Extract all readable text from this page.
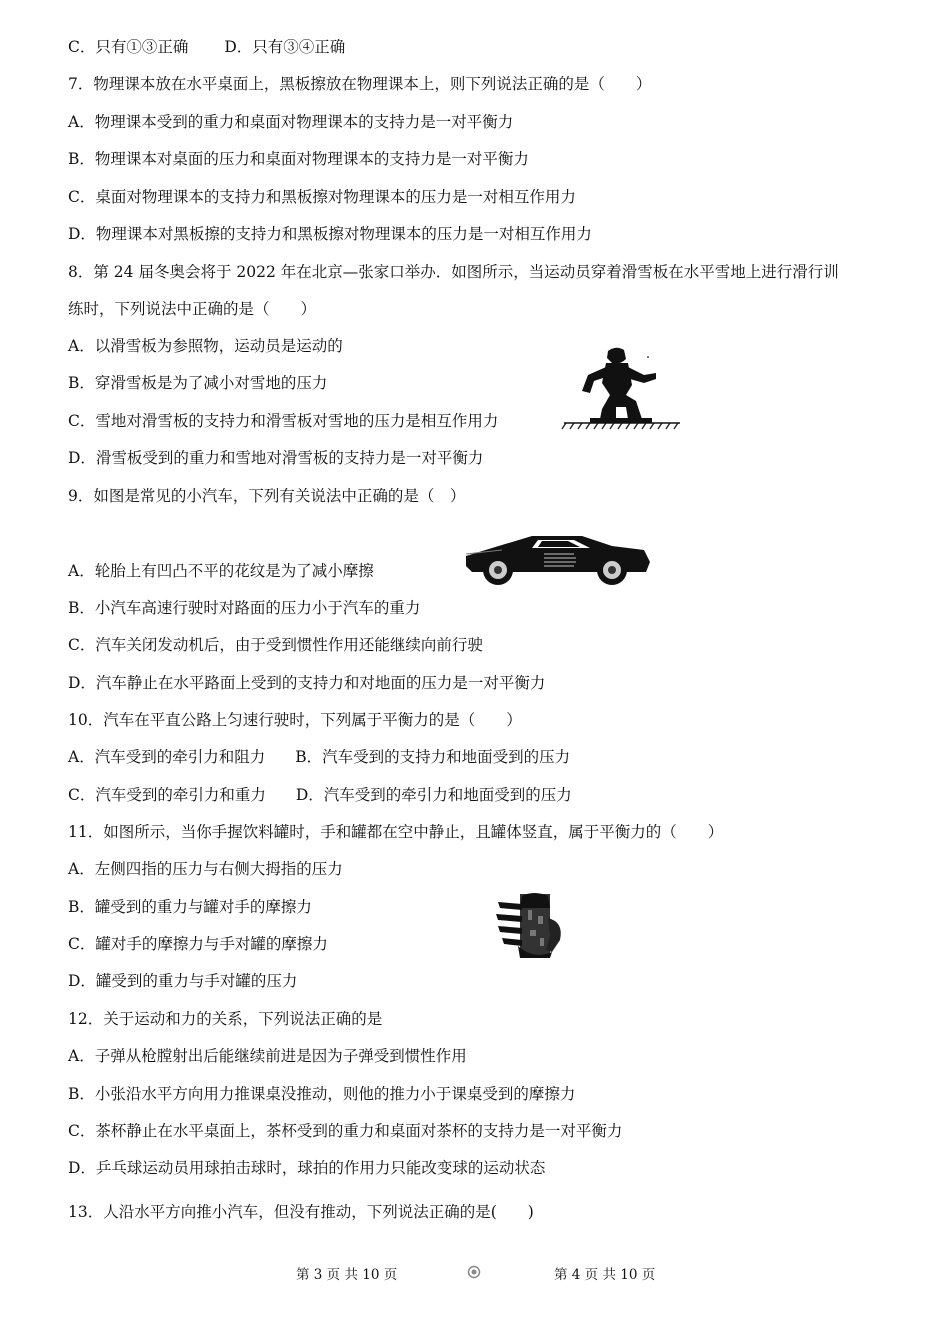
C．只有①③正确 D．只有③④正确
7．物理课本放在水平桌面上，黑板擦放在物理课本上，则下列说法正确的是（　　）
A．物理课本受到的重力和桌面对物理课本的支持力是一对平衡力
B．物理课本对桌面的压力和桌面对物理课本的支持力是一对平衡力
C．桌面对物理课本的支持力和黑板擦对物理课本的压力是一对相互作用力
D．物理课本对黑板擦的支持力和黑板擦对物理课本的压力是一对相互作用力
8．第 24 届冬奥会将于 2022 年在北京—张家口举办．如图所示，当运动员穿着滑雪板在水平雪地上进行滑行训
练时，下列说法中正确的是（　　）
A．以滑雪板为参照物，运动员是运动的
B．穿滑雪板是为了减小对雪地的压力
C．雪地对滑雪板的支持力和滑雪板对雪地的压力是相互作用力
D．滑雪板受到的重力和雪地对滑雪板的支持力是一对平衡力
9．如图是常见的小汽车，下列有关说法中正确的是（　）
A．轮胎上有凹凸不平的花纹是为了减小摩擦
B．小汽车高速行驶时对路面的压力小于汽车的重力
C．汽车关闭发动机后，由于受到惯性作用还能继续向前行驶
D．汽车静止在水平路面上受到的支持力和对地面的压力是一对平衡力
10．汽车在平直公路上匀速行驶时，下列属于平衡力的是（　　）
A．汽车受到的牵引力和阻力 B．汽车受到的支持力和地面受到的压力
C．汽车受到的牵引力和重力 D．汽车受到的牵引力和地面受到的压力
11．如图所示，当你手握饮料罐时，手和罐都在空中静止，且罐体竖直，属于平衡力的（　　）
A．左侧四指的压力与右侧大拇指的压力
B．罐受到的重力与罐对手的摩擦力
C．罐对手的摩擦力与手对罐的摩擦力
D．罐受到的重力与手对罐的压力
12．关于运动和力的关系，下列说法正确的是
A．子弹从枪膛射出后能继续前进是因为子弹受到惯性作用
B．小张沿水平方向用力推课桌没推动，则他的推力小于课桌受到的摩擦力
C．茶杯静止在水平桌面上，茶杯受到的重力和桌面对茶杯的支持力是一对平衡力
D．乒乓球运动员用球拍击球时，球拍的作用力只能改变球的运动状态
13．人沿水平方向推小汽车，但没有推动，下列说法正确的是(　　)
第 3 页 共 10 页	第 4 页 共 10 页
